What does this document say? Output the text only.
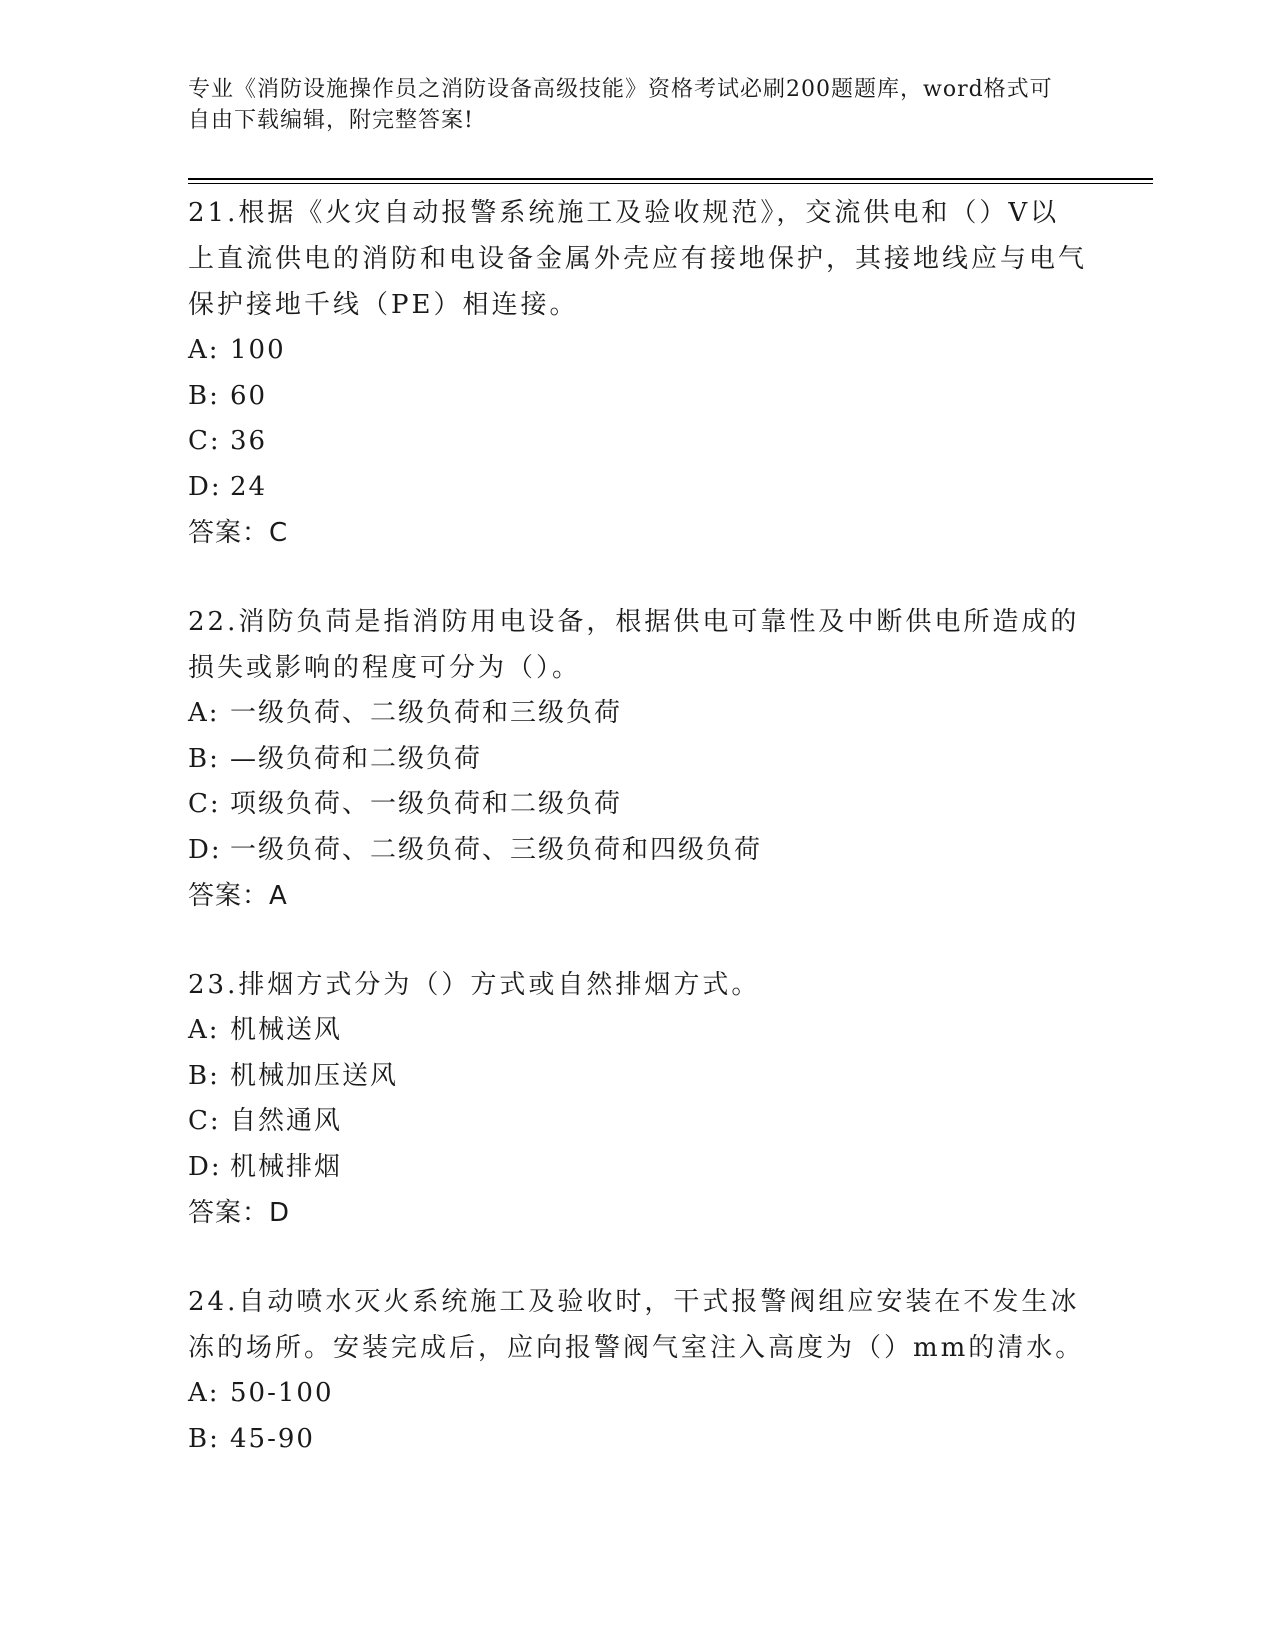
专业《消防设施操作员之消防设备高级技能》资格考试必刷200题题库，word格式可自由下载编辑，附完整答案!

21.根据《火灾自动报警系统施工及验收规范》，交流供电和（）V以上直流供电的消防和电设备金属外壳应有接地保护，其接地线应与电气保护接地千线（PE）相连接。

A: 100

B: 60

C: 36

D: 24

答案：C

22.消防负苘是指消防用电设备，根据供电可靠性及中断供电所造成的损失或影响的程度可分为（）。

A: 一级负荷、二级负荷和三级负荷

B: —级负荷和二级负荷

C: 项级负荷、一级负荷和二级负荷

D: 一级负荷、二级负荷、三级负荷和四级负荷

答案：A

23.排烟方式分为（）方式或自然排烟方式。

A: 机械送风

B: 机械加压送风

C: 自然通风

D: 机械排烟

答案：D

24.自动喷水灭火系统施工及验收时，干式报警阀组应安装在不发生冰冻的场所。安装完成后，应向报警阀气室注入高度为（）mm的清水。

A: 50-100

B: 45-90
